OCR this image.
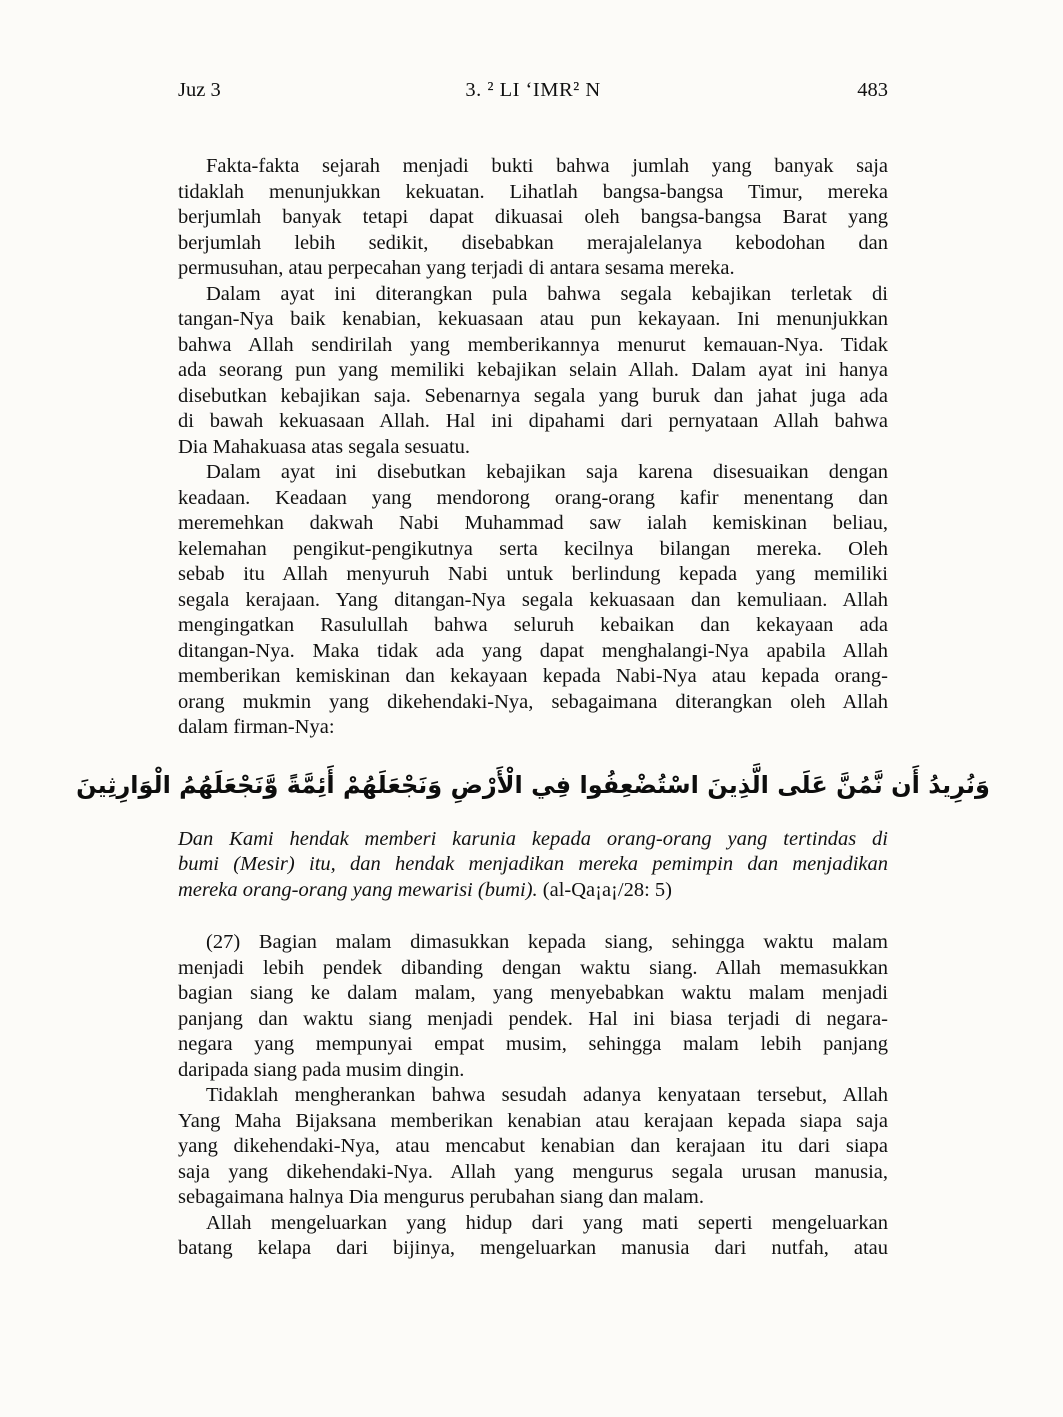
Juz 3	3. ² LI ‘IMR² N	483
Fakta-fakta sejarah menjadi bukti bahwa jumlah yang banyak saja
tidaklah menunjukkan kekuatan. Lihatlah bangsa-bangsa Timur, mereka
berjumlah banyak tetapi dapat dikuasai oleh bangsa-bangsa Barat yang
berjumlah lebih sedikit, disebabkan merajalelanya kebodohan dan
permusuhan, atau perpecahan yang terjadi di antara sesama mereka.
Dalam ayat ini diterangkan pula bahwa segala kebajikan terletak di
tangan-Nya baik kenabian, kekuasaan atau pun kekayaan. Ini menunjukkan
bahwa Allah sendirilah yang memberikannya menurut kemauan-Nya. Tidak
ada seorang pun yang memiliki kebajikan selain Allah. Dalam ayat ini hanya
disebutkan kebajikan saja. Sebenarnya segala yang buruk dan jahat juga ada
di bawah kekuasaan Allah. Hal ini dipahami dari pernyataan Allah bahwa
Dia Mahakuasa atas segala sesuatu.
Dalam ayat ini disebutkan kebajikan saja karena disesuaikan dengan
keadaan. Keadaan yang mendorong orang-orang kafir menentang dan
meremehkan dakwah Nabi Muhammad saw ialah kemiskinan beliau,
kelemahan pengikut-pengikutnya serta kecilnya bilangan mereka. Oleh
sebab itu Allah menyuruh Nabi untuk berlindung kepada yang memiliki
segala kerajaan. Yang ditangan-Nya segala kekuasaan dan kemuliaan. Allah
mengingatkan Rasulullah bahwa seluruh kebaikan dan kekayaan ada
ditangan-Nya. Maka tidak ada yang dapat menghalangi-Nya apabila Allah
memberikan kemiskinan dan kekayaan kepada Nabi-Nya atau kepada orang-
orang mukmin yang dikehendaki-Nya, sebagaimana diterangkan oleh Allah
dalam firman-Nya:
وَنُرِيدُ أَن نَّمُنَّ عَلَى الَّذِينَ اسْتُضْعِفُوا فِي الْأَرْضِ وَنَجْعَلَهُمْ أَئِمَّةً وَّنَجْعَلَهُمُ الْوَارِثِينَ
Dan Kami hendak memberi karunia kepada orang-orang yang tertindas di
bumi (Mesir) itu, dan hendak menjadikan mereka pemimpin dan menjadikan
mereka orang-orang yang mewarisi (bumi). (al-Qa¡a¡/28: 5)
(27) Bagian malam dimasukkan kepada siang, sehingga waktu malam
menjadi lebih pendek dibanding dengan waktu siang. Allah memasukkan
bagian siang ke dalam malam, yang menyebabkan waktu malam menjadi
panjang dan waktu siang menjadi pendek. Hal ini biasa terjadi di negara-
negara yang mempunyai empat musim, sehingga malam lebih panjang
daripada siang pada musim dingin.
Tidaklah mengherankan bahwa sesudah adanya kenyataan tersebut, Allah
Yang Maha Bijaksana memberikan kenabian atau kerajaan kepada siapa saja
yang dikehendaki-Nya, atau mencabut kenabian dan kerajaan itu dari siapa
saja yang dikehendaki-Nya. Allah yang mengurus segala urusan manusia,
sebagaimana halnya Dia mengurus perubahan siang dan malam.
Allah mengeluarkan yang hidup dari yang mati seperti mengeluarkan
batang kelapa dari bijinya, mengeluarkan manusia dari nutfah, atau
